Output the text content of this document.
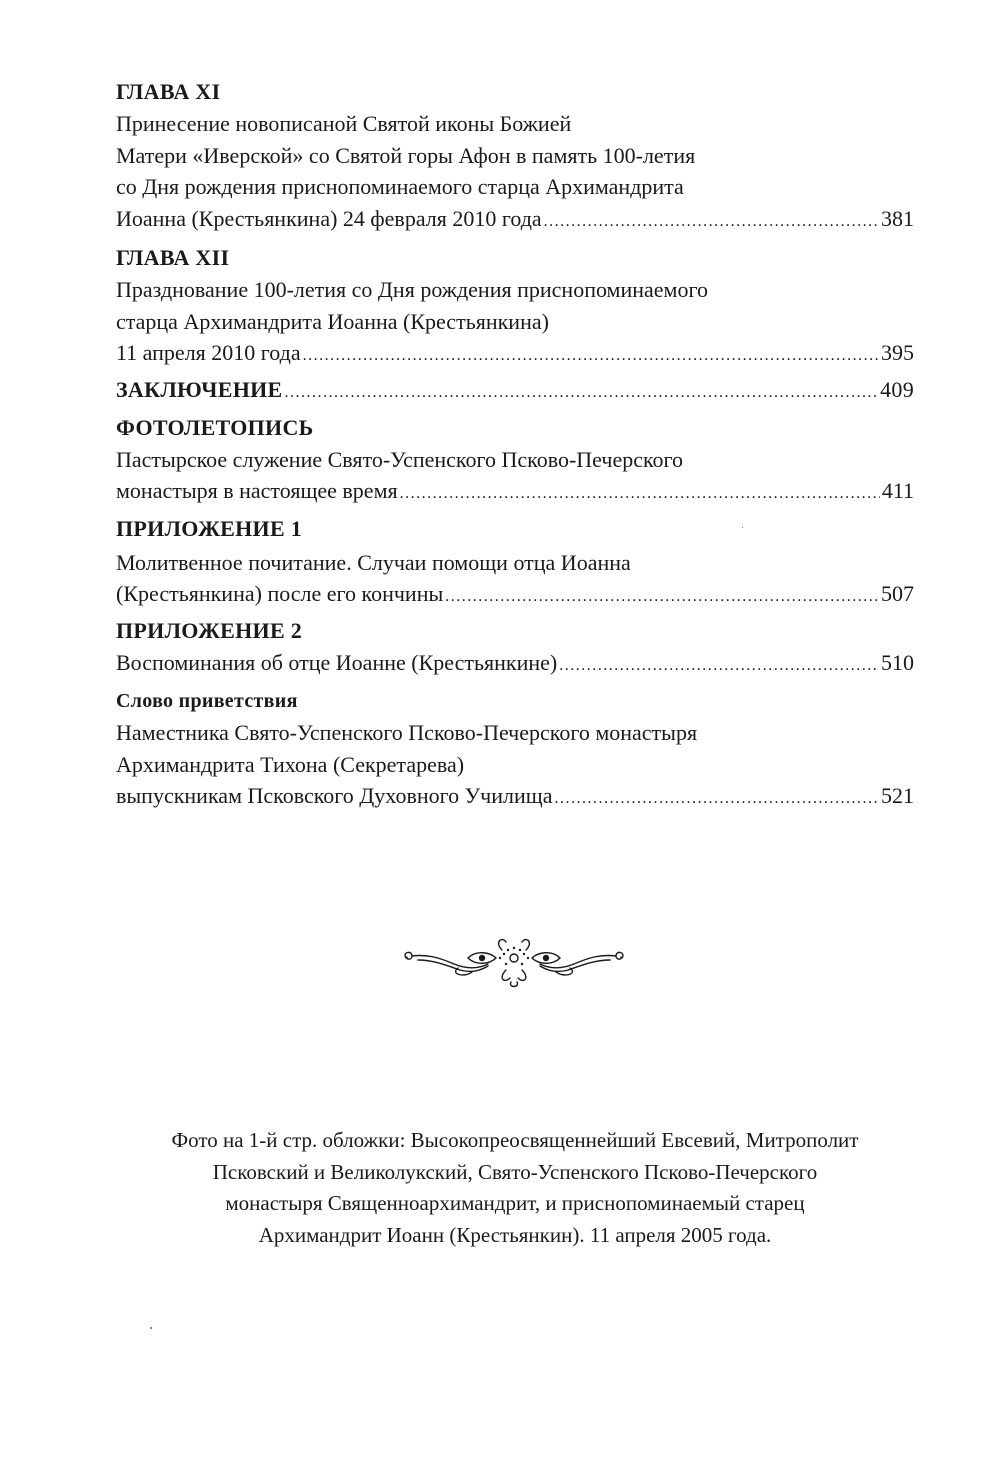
ГЛАВА XI
Принесение новописаной Святой иконы Божией
Матери «Иверской» со Святой горы Афон в память 100-летия
со Дня рождения приснопоминаемого старца Архимандрита
Иоанна (Крестьянкина) 24 февраля 2010 года .....	381
ГЛАВА XII
Празднование 100-летия со Дня рождения приснопоминаемого
старца Архимандрита Иоанна (Крестьянкина)
11 апреля 2010 года .....	395
ЗАКЛЮЧЕНИЕ .....	409
ФОТОЛЕТОПИСЬ
Пастырское служение Свято-Успенского Псково-Печерского
монастыря в настоящее время .....	411
ПРИЛОЖЕНИЕ 1
Молитвенное почитание. Случаи помощи отца Иоанна
(Крестьянкина) после его кончины .....	507
ПРИЛОЖЕНИЕ 2
Воспоминания об отце Иоанне (Крестьянкине) .....	510
Слово приветствия
Наместника Свято-Успенского Псково-Печерского монастыря
Архимандрита Тихона (Секретарева)
выпускникам Псковского Духовного Училища .....	521
Фото на 1-й стр. обложки: Высокопреосвященнейший Евсевий, Митрополит
Псковский и Великолукский, Свято-Успенского Псково-Печерского
монастыря Священноархимандрит, и приснопоминаемый старец
Архимандрит Иоанн (Крестьянкин). 11 апреля 2005 года.
